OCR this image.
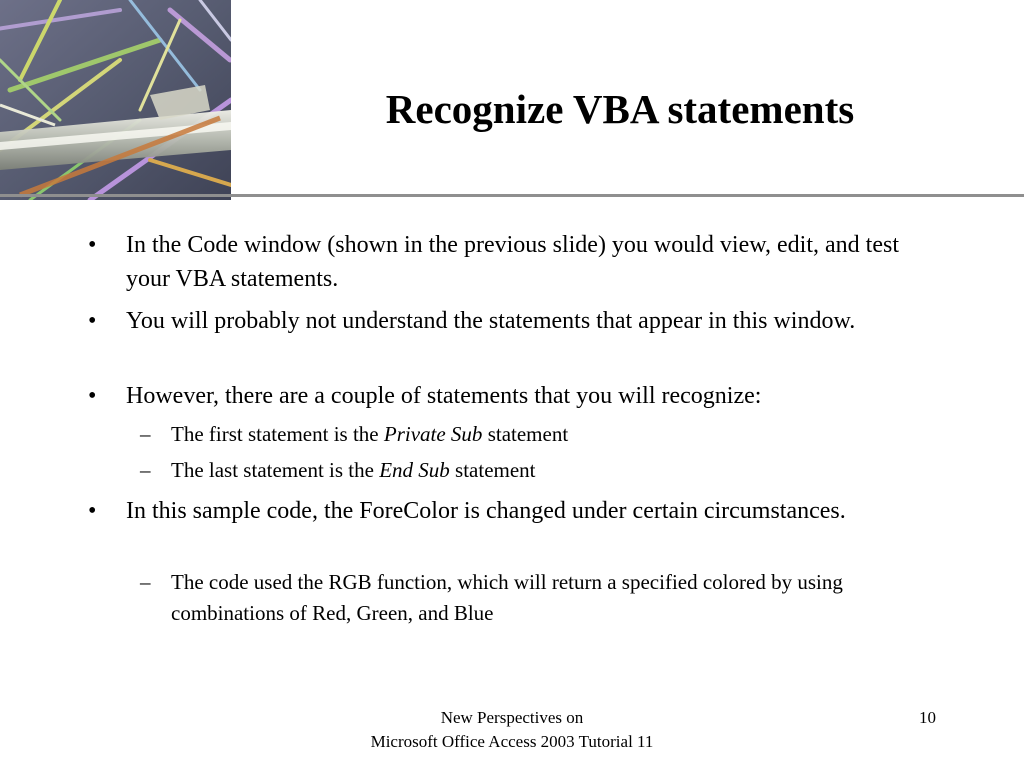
Recognize VBA statements

•	In the Code window (shown in the previous slide) you would view, edit, and test your VBA statements.

•	You will probably not understand the statements that appear in this window.

•	However, there are a couple of statements that you will recognize:

– The first statement is the Private Sub statement

– The last statement is the End Sub statement

•	In this sample code, the ForeColor is changed under certain circumstances.

– The code used the RGB function, which will return a specified colored by using combinations of Red, Green, and Blue

New Perspectives on
Microsoft Office Access 2003 Tutorial 11
10
